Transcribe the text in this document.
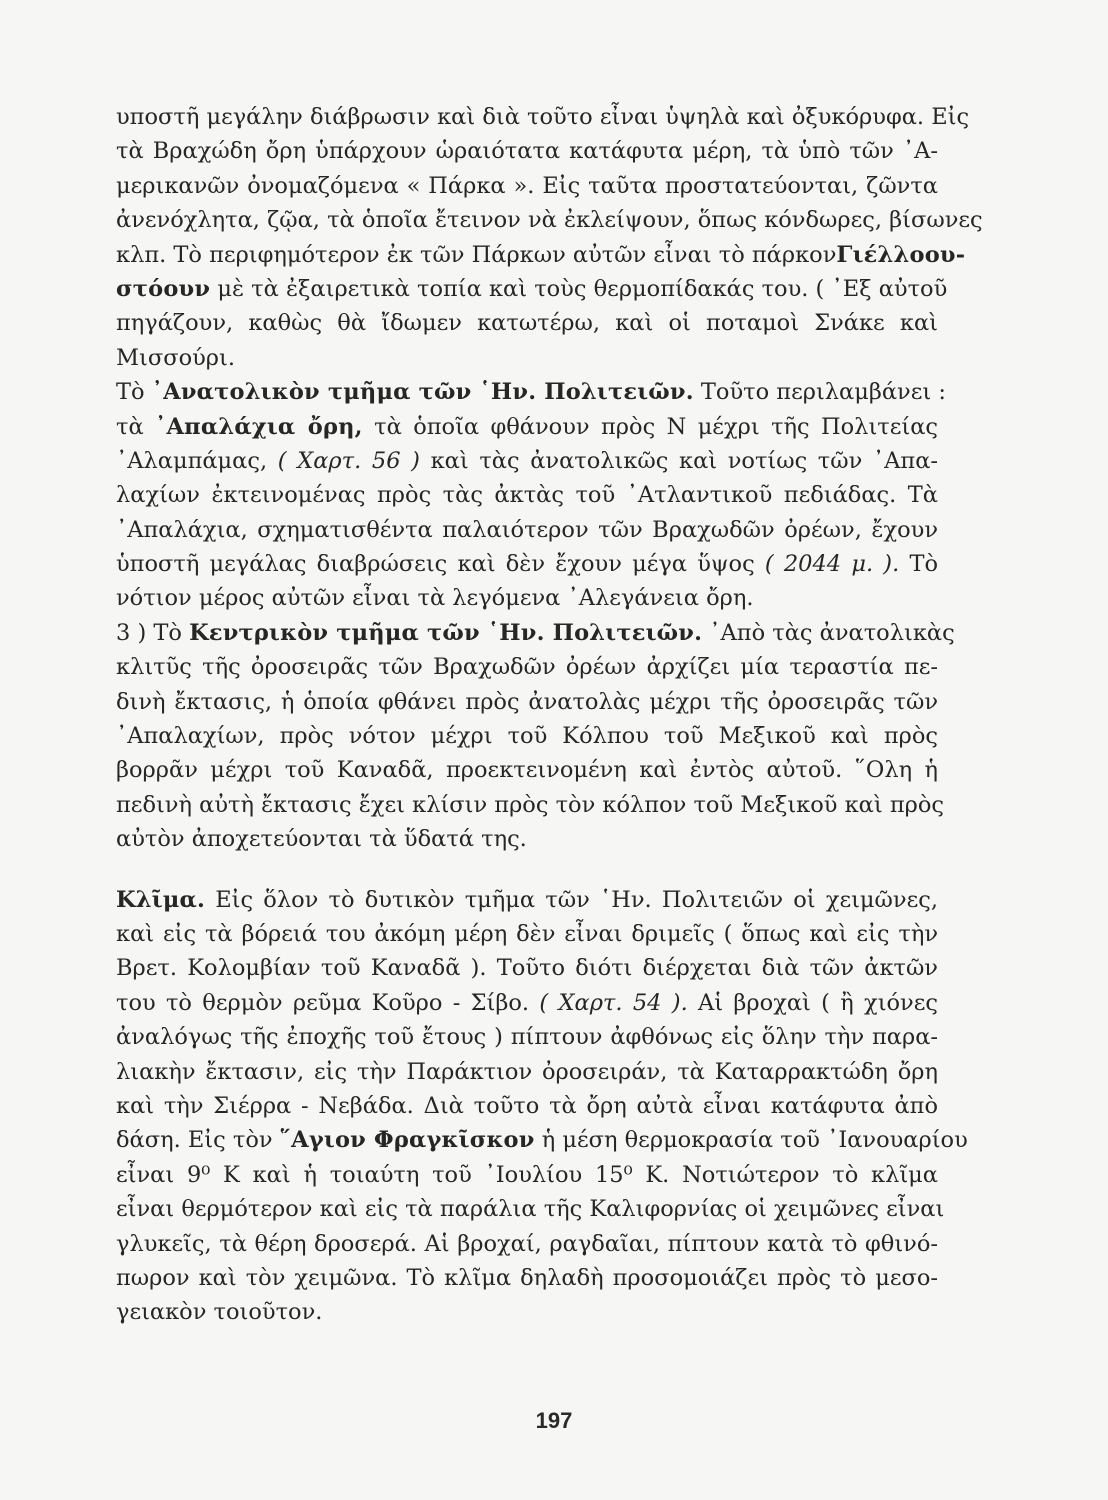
υποστῆ μεγάλην διάβρωσιν καὶ διὰ τοῦτο εἶναι ὑψηλὰ καὶ ὀξυκόρυφα. Εἰς
τὰ Βραχώδη ὄρη ὑπάρχουν ὡραιότατα κατάφυτα μέρη, τὰ ὑπὸ τῶν ᾿Α-
μερικανῶν ὀνομαζόμενα « Πάρκα ». Εἰς ταῦτα προστατεύονται, ζῶντα
ἀνενόχλητα, ζῷα, τὰ ὁποῖα ἔτεινον νὰ ἐκλείψουν, ὅπως κόνδωρες, βίσωνες
κλπ. Τὸ περιφημότερον ἐκ τῶν Πάρκων αὐτῶν εἶναι τὸ πάρκονΓιέλλοου-
στόουν μὲ τὰ ἐξαιρετικὰ τοπία καὶ τοὺς θερμοπίδακάς του. ( ᾿Εξ αὐτοῦ
πηγάζουν, καθὼς θὰ ἴδωμεν κατωτέρω, καὶ οἱ ποταμοὶ Σνάκε καὶ
Μισσούρι.
Τὸ ᾿Ανατολικὸν τμῆμα τῶν ῾Ην. Πολιτειῶν. Τοῦτο περιλαμβάνει :
τὰ ᾿Απαλάχια ὄρη, τὰ ὁποῖα φθάνουν πρὸς Ν μέχρι τῆς Πολιτείας
᾿Αλαμπάμας, ( Χαρτ. 56 ) καὶ τὰς ἀνατολικῶς καὶ νοτίως τῶν ᾿Απα-
λαχίων ἐκτεινομένας πρὸς τὰς ἀκτὰς τοῦ ᾿Ατλαντικοῦ πεδιάδας. Τὰ
᾿Απαλάχια, σχηματισθέντα παλαιότερον τῶν Βραχωδῶν ὀρέων, ἔχουν
ὑποστῆ μεγάλας διαβρώσεις καὶ δὲν ἔχουν μέγα ὕψος ( 2044 μ. ). Τὸ
νότιον μέρος αὐτῶν εἶναι τὰ λεγόμενα ᾿Αλεγάνεια ὄρη.
3 ) Τὸ Κεντρικὸν τμῆμα τῶν ῾Ην. Πολιτειῶν. ᾿Απὸ τὰς ἀνατολικὰς
κλιτῦς τῆς ὀροσειρᾶς τῶν Βραχωδῶν ὀρέων ἀρχίζει μία τεραστία πε-
δινὴ ἔκτασις, ἡ ὁποία φθάνει πρὸς ἀνατολὰς μέχρι τῆς ὀροσειρᾶς τῶν
᾿Απαλαχίων, πρὸς νότον μέχρι τοῦ Κόλπου τοῦ Μεξικοῦ καὶ πρὸς
βορρᾶν μέχρι τοῦ Καναδᾶ, προεκτεινομένη καὶ ἐντὸς αὐτοῦ. ῞Ολη ἡ
πεδινὴ αὐτὴ ἔκτασις ἔχει κλίσιν πρὸς τὸν κόλπον τοῦ Μεξικοῦ καὶ πρὸς
αὐτὸν ἀποχετεύονται τὰ ὕδατά της.
Κλῖμα. Εἰς ὅλον τὸ δυτικὸν τμῆμα τῶν ῾Ην. Πολιτειῶν οἱ χειμῶνες,
καὶ εἰς τὰ βόρειά του ἀκόμη μέρη δὲν εἶναι δριμεῖς ( ὅπως καὶ εἰς τὴν
Βρετ. Κολομβίαν τοῦ Καναδᾶ ). Τοῦτο διότι διέρχεται διὰ τῶν ἀκτῶν
του τὸ θερμὸν ρεῦμα Κοῦρο - Σίβο. ( Χαρτ. 54 ). Αἱ βροχαὶ ( ἢ χιόνες
ἀναλόγως τῆς ἐποχῆς τοῦ ἔτους ) πίπτουν ἀφθόνως εἰς ὅλην τὴν παρα-
λιακὴν ἔκτασιν, εἰς τὴν Παράκτιον ὀροσειράν, τὰ Καταρρακτώδη ὄρη
καὶ τὴν Σιέρρα - Νεβάδα. Διὰ τοῦτο τὰ ὄρη αὐτὰ εἶναι κατάφυτα ἀπὸ
δάση. Εἰς τὸν ῞Αγιον Φραγκῖσκον ἡ μέση θερμοκρασία τοῦ ᾿Ιανουαρίου
εἶναι 9⁰ Κ καὶ ἡ τοιαύτη τοῦ ᾿Ιουλίου 15⁰ Κ. Νοτιώτερον τὸ κλῖμα
εἶναι θερμότερον καὶ εἰς τὰ παράλια τῆς Καλιφορνίας οἱ χειμῶνες εἶναι
γλυκεῖς, τὰ θέρη δροσερά. Αἱ βροχαί, ραγδαῖαι, πίπτουν κατὰ τὸ φθινό-
πωρον καὶ τὸν χειμῶνα. Τὸ κλῖμα δηλαδὴ προσομοιάζει πρὸς τὸ μεσο-
γειακὸν τοιοῦτον.
197
